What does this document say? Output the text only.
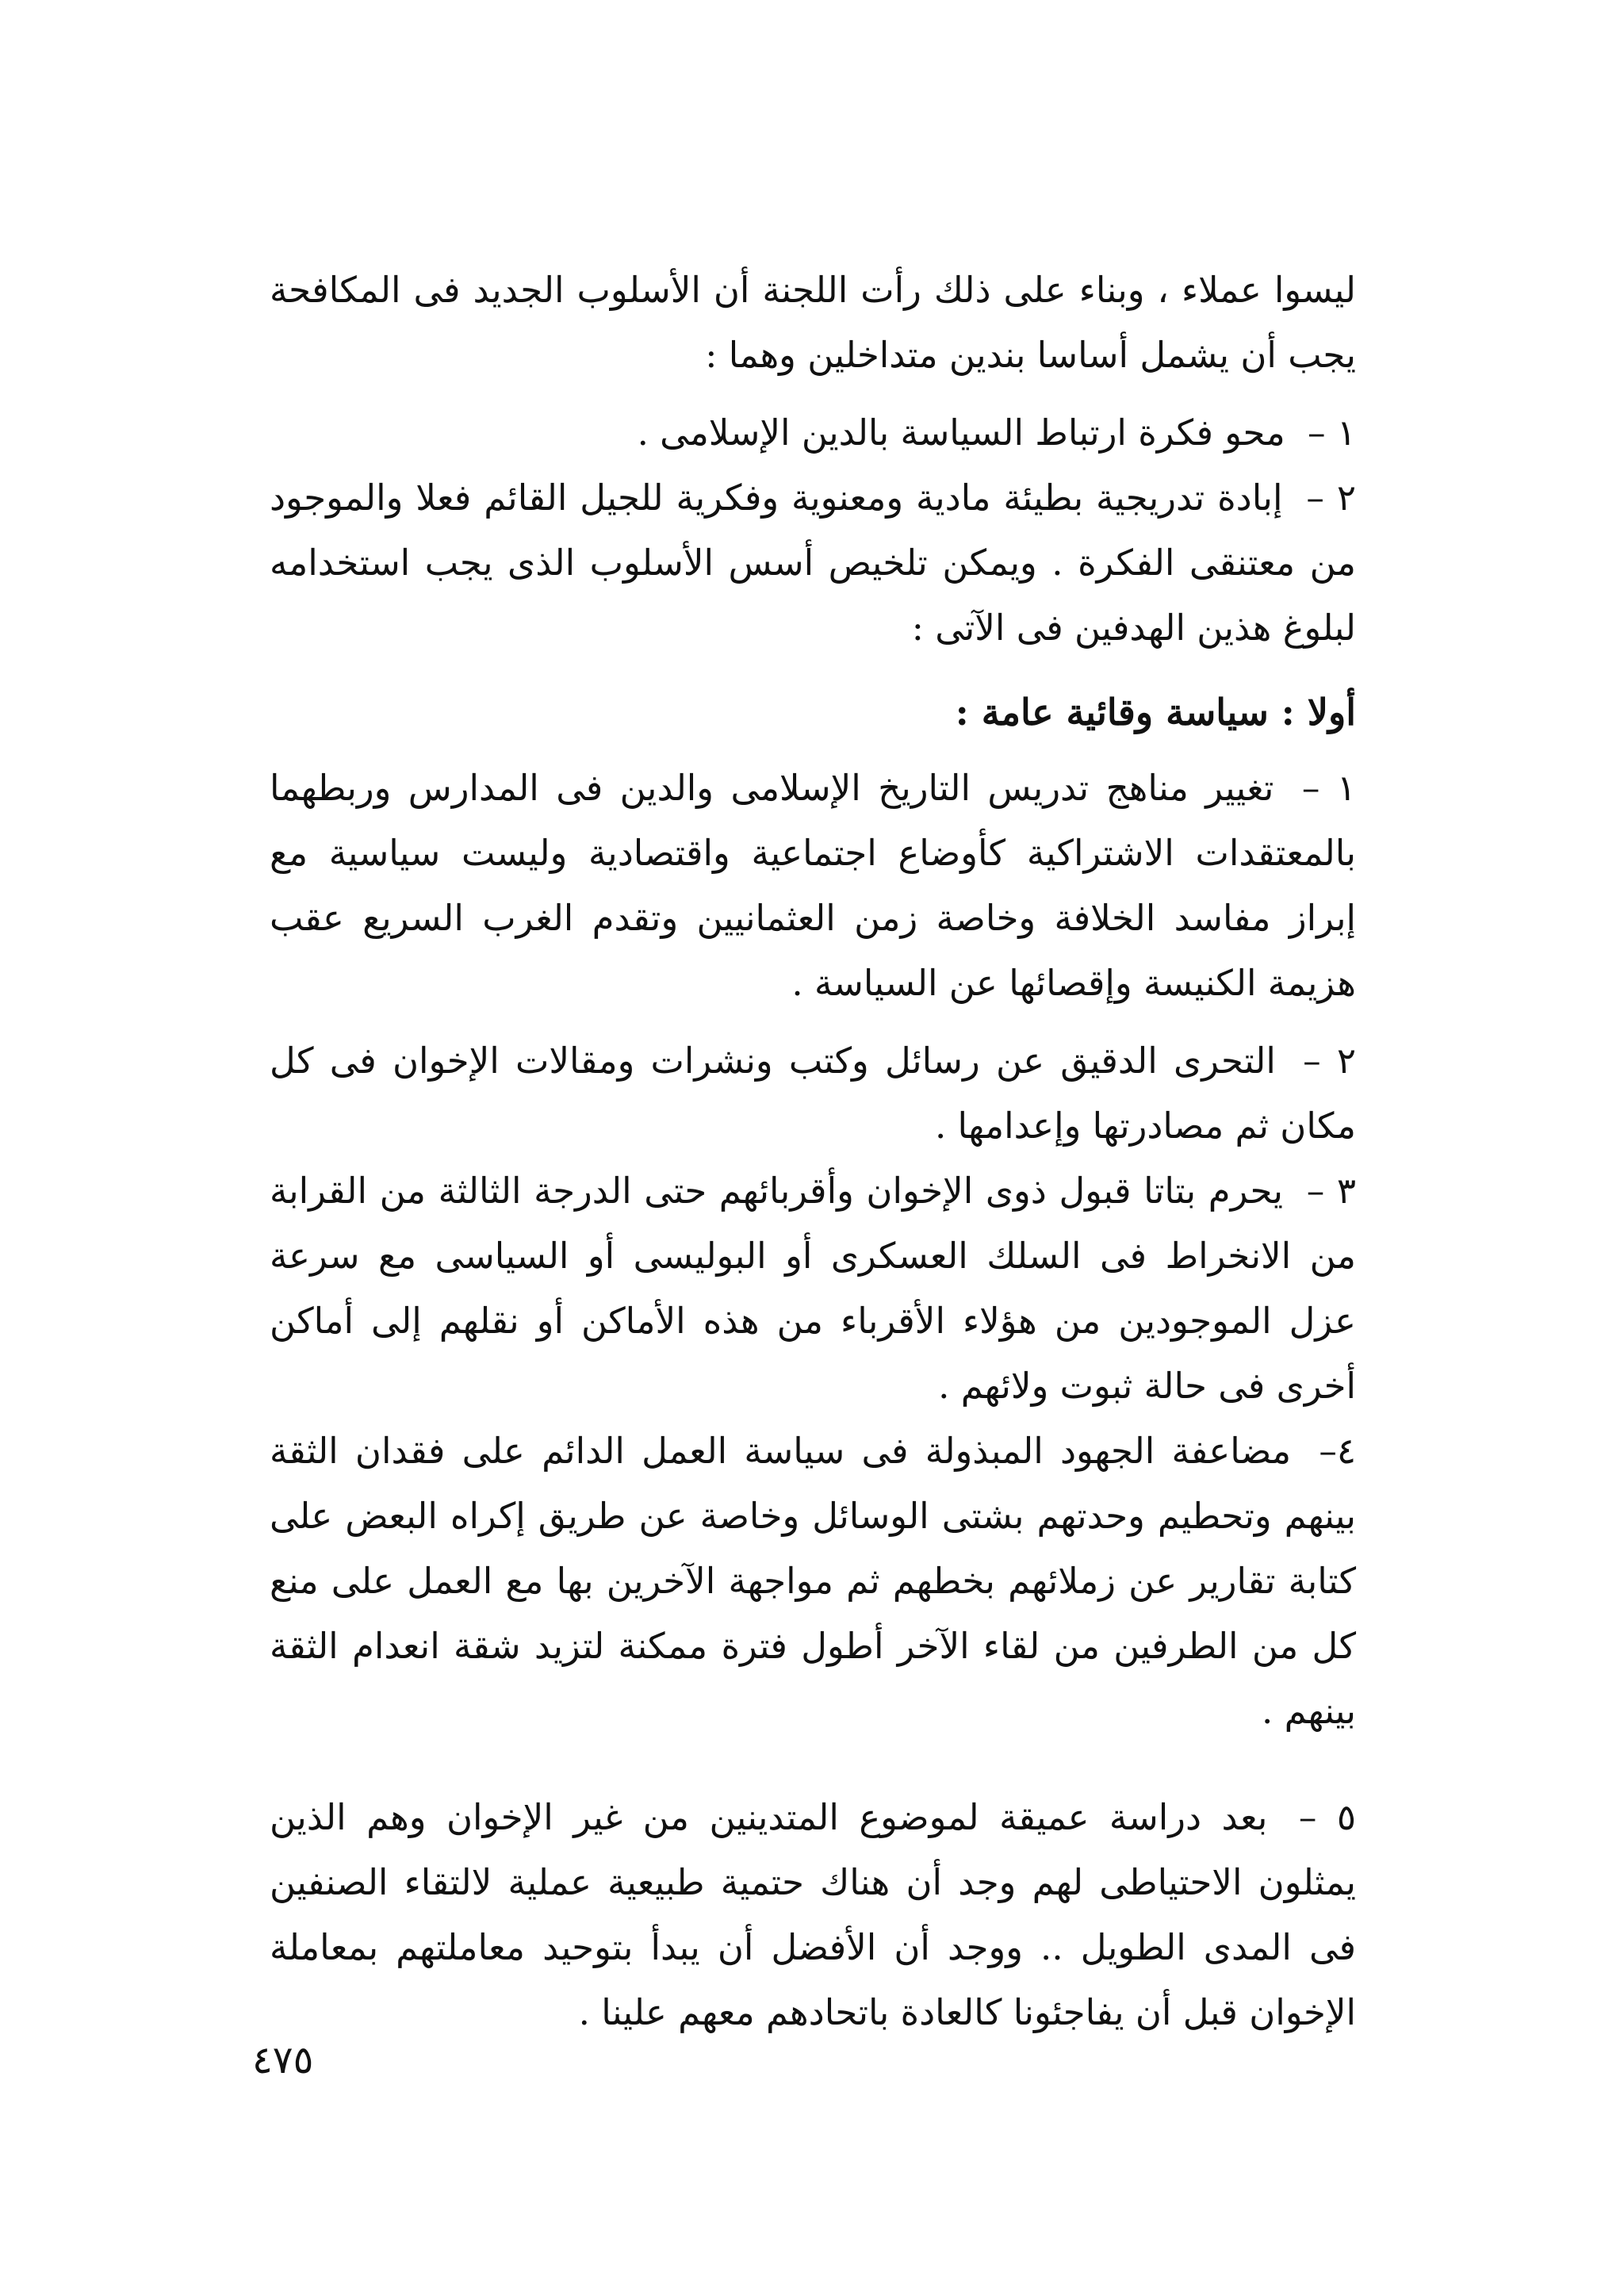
ليسوا عملاء ، وبناء على ذلك رأت اللجنة أن الأسلوب الجديد فى المكافحة يجب أن يشمل أساسا بندين متداخلين وهما :

١ – محو فكرة ارتباط السياسة بالدين الإسلامى .

٢ – إبادة تدريجية بطيئة مادية ومعنوية وفكرية للجيل القائم فعلا والموجود من معتنقى الفكرة . ويمكن تلخيص أسس الأسلوب الذى يجب استخدامه لبلوغ هذين الهدفين فى الآتى :

أولا : سياسة وقائية عامة :

١ – تغيير مناهج تدريس التاريخ الإسلامى والدين فى المدارس وربطهما بالمعتقدات الاشتراكية كأوضاع اجتماعية واقتصادية وليست سياسية مع إبراز مفاسد الخلافة وخاصة زمن العثمانيين وتقدم الغرب السريع عقب هزيمة الكنيسة وإقصائها عن السياسة .

٢ – التحرى الدقيق عن رسائل وكتب ونشرات ومقالات الإخوان فى كل مكان ثم مصادرتها وإعدامها .

٣ – يحرم بتاتا قبول ذوى الإخوان وأقربائهم حتى الدرجة الثالثة من القرابة من الانخراط فى السلك العسكرى أو البوليسى أو السياسى مع سرعة عزل الموجودين من هؤلاء الأقرباء من هذه الأماكن أو نقلهم إلى أماكن أخرى فى حالة ثبوت ولائهم .

٤– مضاعفة الجهود المبذولة فى سياسة العمل الدائم على فقدان الثقة بينهم وتحطيم وحدتهم بشتى الوسائل وخاصة عن طريق إكراه البعض على كتابة تقارير عن زملائهم بخطهم ثم مواجهة الآخرين بها مع العمل على منع كل من الطرفين من لقاء الآخر أطول فترة ممكنة لتزيد شقة انعدام الثقة بينهم .

٥ – بعد دراسة عميقة لموضوع المتدينين من غير الإخوان وهم الذين يمثلون الاحتياطى لهم وجد أن هناك حتمية طبيعية عملية لالتقاء الصنفين فى المدى الطويل .. ووجد أن الأفضل أن يبدأ بتوحيد معاملتهم بمعاملة الإخوان قبل أن يفاجئونا كالعادة باتحادهم معهم علينا .

٤٧٥
